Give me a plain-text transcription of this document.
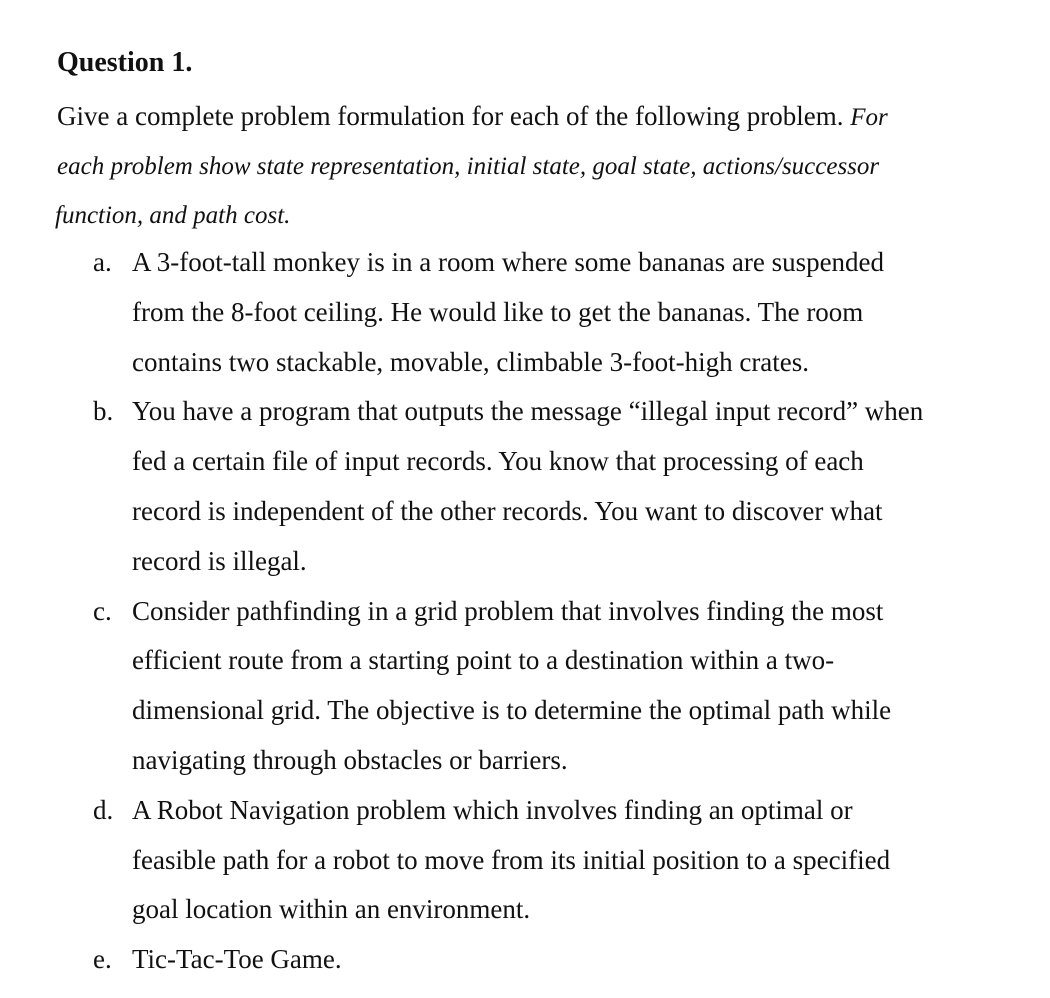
Question 1.
Give a complete problem formulation for each of the following problem. For
each problem show state representation, initial state, goal state, actions/successor
function, and path cost.
a. A 3-foot-tall monkey is in a room where some bananas are suspended
from the 8-foot ceiling. He would like to get the bananas. The room
contains two stackable, movable, climbable 3-foot-high crates.
b. You have a program that outputs the message “illegal input record” when
fed a certain file of input records. You know that processing of each
record is independent of the other records. You want to discover what
record is illegal.
c. Consider pathfinding in a grid problem that involves finding the most
efficient route from a starting point to a destination within a two-
dimensional grid. The objective is to determine the optimal path while
navigating through obstacles or barriers.
d. A Robot Navigation problem which involves finding an optimal or
feasible path for a robot to move from its initial position to a specified
goal location within an environment.
e. Tic-Tac-Toe Game.
